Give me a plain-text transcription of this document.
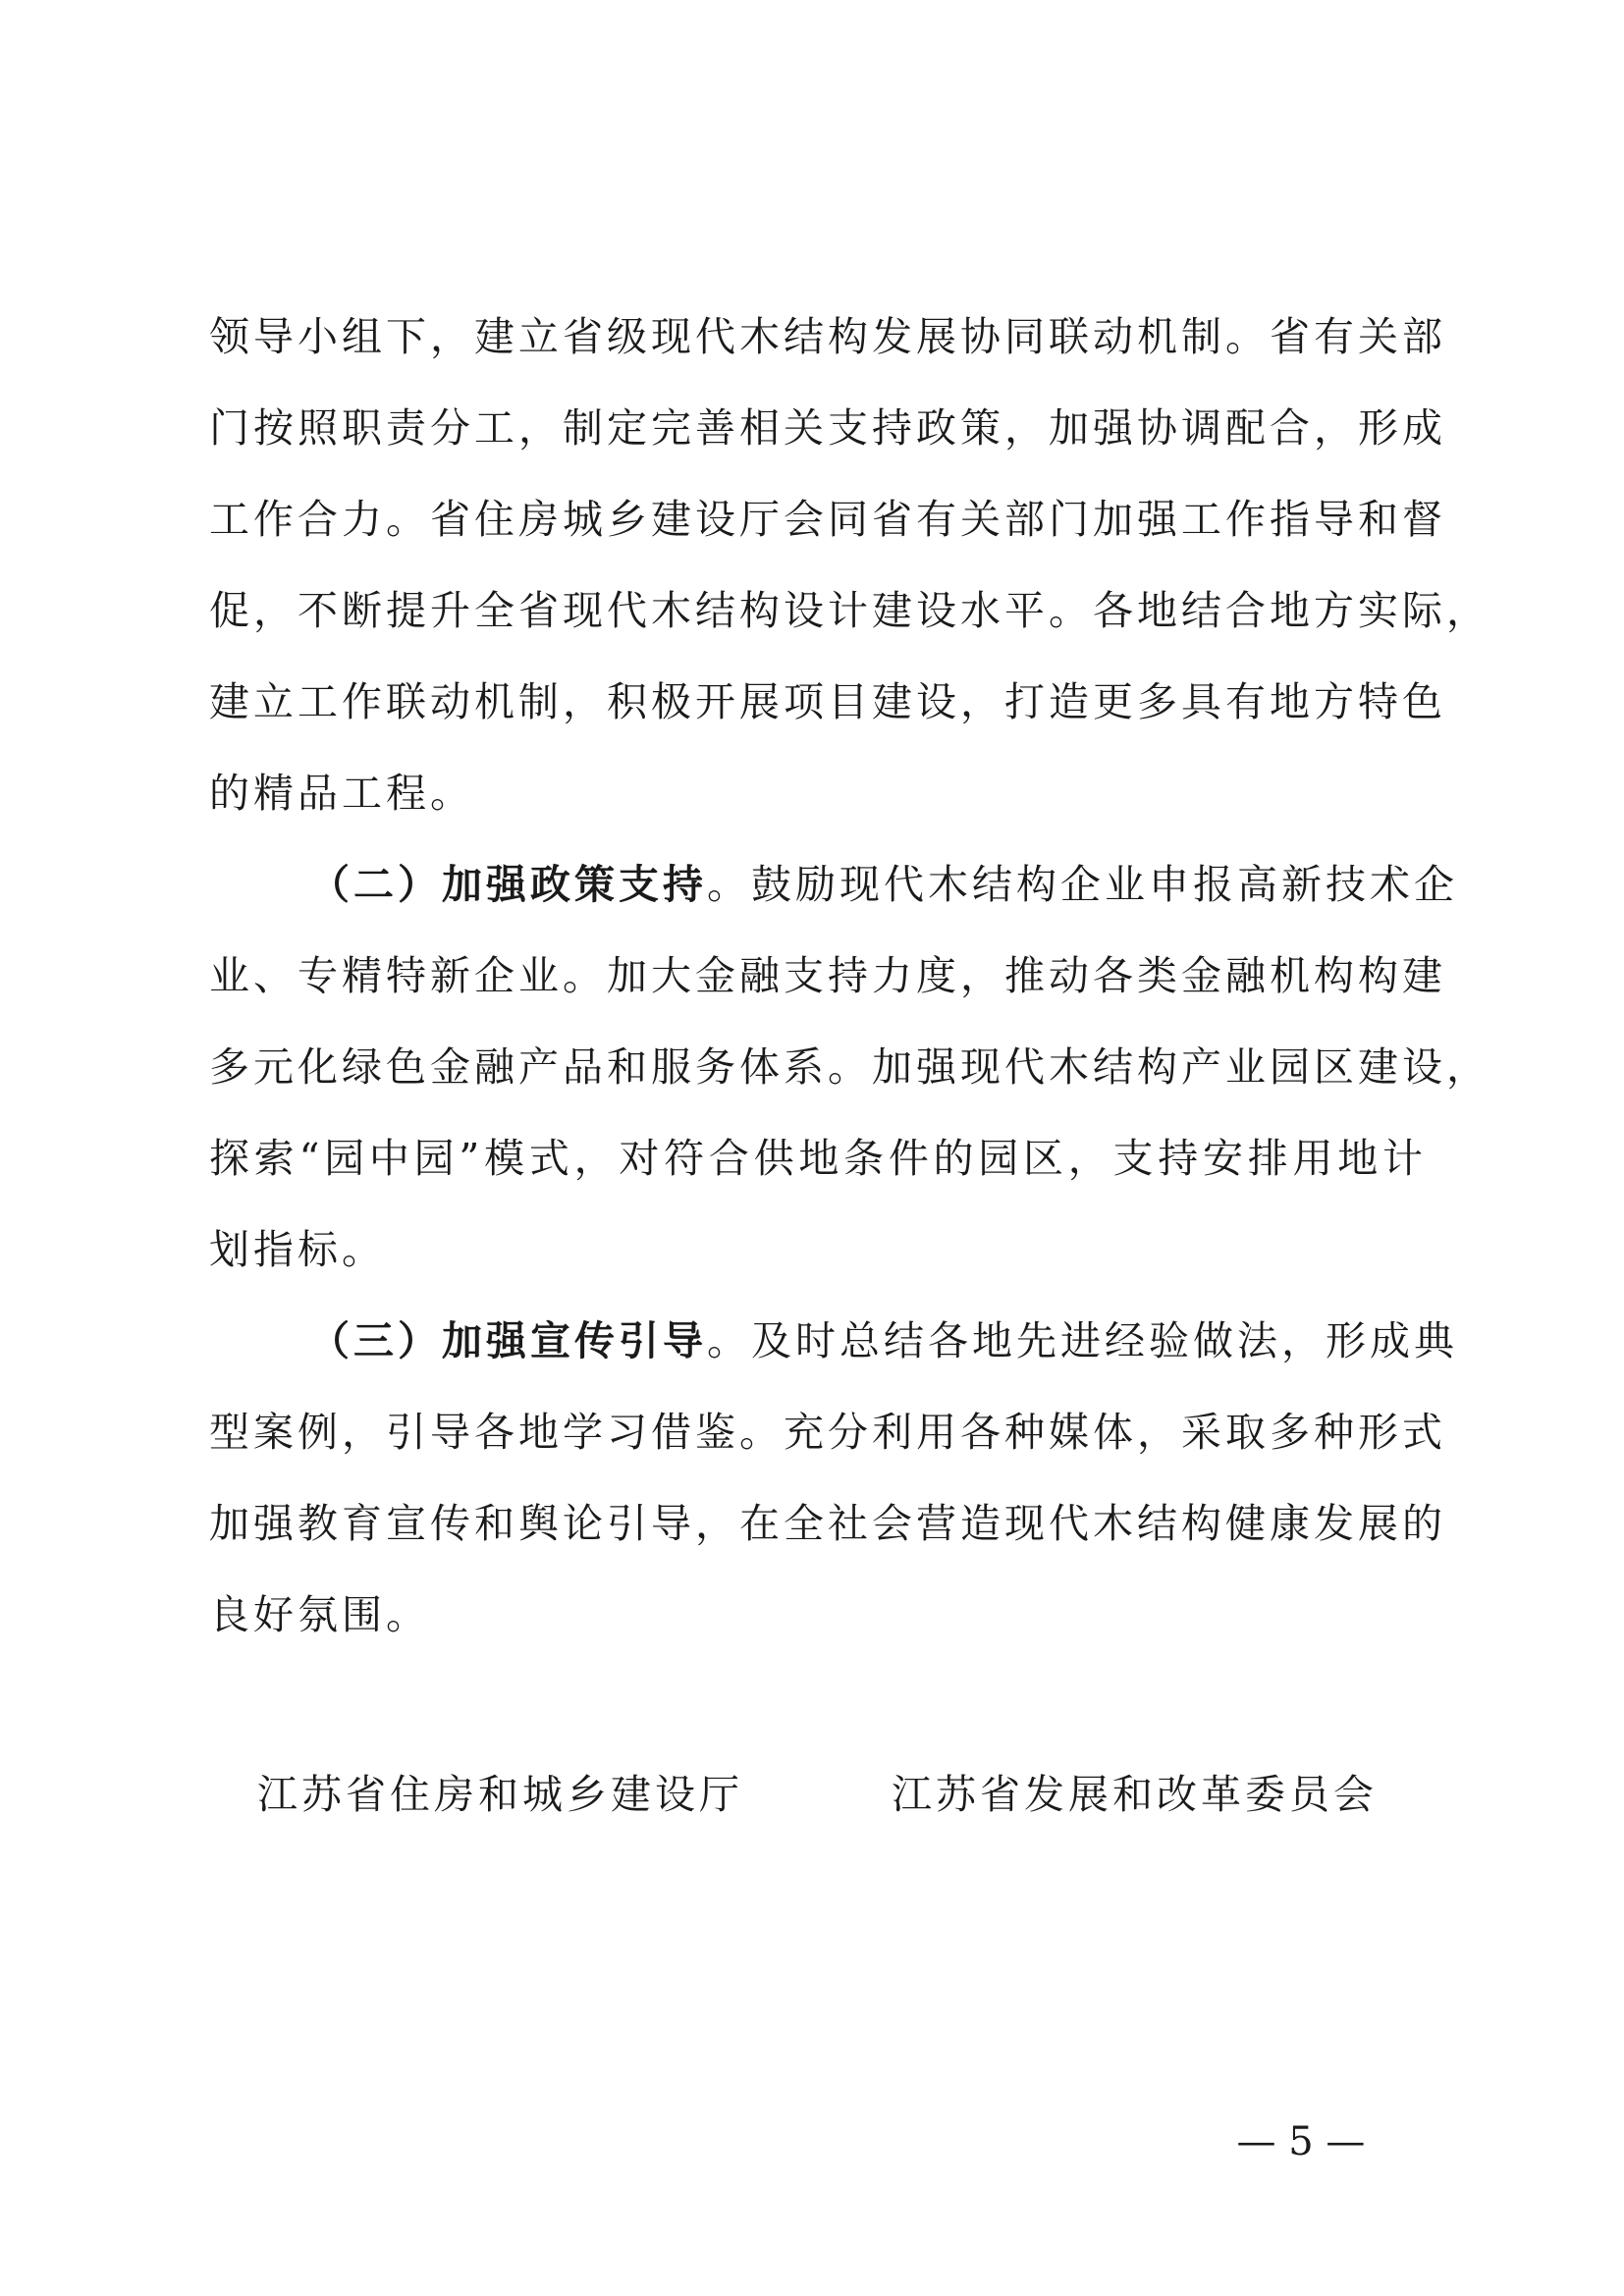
领导小组下，建立省级现代木结构发展协同联动机制。省有关部
门按照职责分工，制定完善相关支持政策，加强协调配合，形成
工作合力。省住房城乡建设厅会同省有关部门加强工作指导和督
促，不断提升全省现代木结构设计建设水平。各地结合地方实际，
建立工作联动机制，积极开展项目建设，打造更多具有地方特色
的精品工程。
（二）加强政策支持。鼓励现代木结构企业申报高新技术企
业、专精特新企业。加大金融支持力度，推动各类金融机构构建
多元化绿色金融产品和服务体系。加强现代木结构产业园区建设，
探索“园中园”模式，对符合供地条件的园区，支持安排用地计
划指标。
（三）加强宣传引导。及时总结各地先进经验做法，形成典
型案例，引导各地学习借鉴。充分利用各种媒体，采取多种形式
加强教育宣传和舆论引导，在全社会营造现代木结构健康发展的
良好氛围。
江苏省住房和城乡建设厅	江苏省发展和改革委员会
— 5 —
